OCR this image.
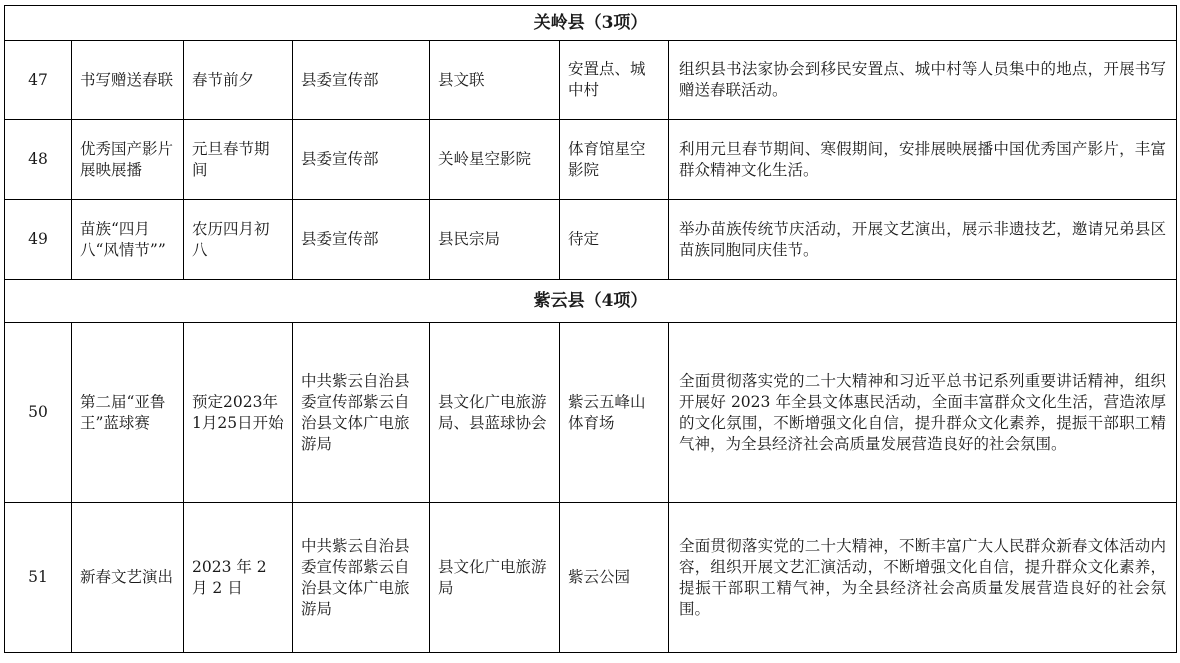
关岭县（3项）						
47	书写赠送春联	春节前夕	县委宣传部	县文联	安置点、城中村	组织县书法家协会到移民安置点、城中村等人员集中的地点，开展书写赠送春联活动。
48	优秀国产影片展映展播	元旦春节期间	县委宣传部	关岭星空影院	体育馆星空影院	利用元旦春节期间、寒假期间，安排展映展播中国优秀国产影片，丰富群众精神文化生活。
49	苗族“四月八“风情节””	农历四月初八	县委宣传部	县民宗局	待定	举办苗族传统节庆活动，开展文艺演出，展示非遗技艺，邀请兄弟县区苗族同胞同庆佳节。
紫云县（4项）						
50	第二届“亚鲁王”蓝球赛	预定2023年1月25日开始	中共紫云自治县委宣传部紫云自治县文体广电旅游局	县文化广电旅游局、县蓝球协会	紫云五峰山体育场	全面贯彻落实党的二十大精神和习近平总书记系列重要讲话精神，组织开展好 2023 年全县文体惠民活动，全面丰富群众文化生活，营造浓厚的文化氛围，不断增强文化自信，提升群众文化素养，提振干部职工精气神，为全县经济社会高质量发展营造良好的社会氛围。
51	新春文艺演出	2023 年 2 月 2 日	中共紫云自治县委宣传部紫云自治县文体广电旅游局	县文化广电旅游局	紫云公园	全面贯彻落实党的二十大精神，不断丰富广大人民群众新春文体活动内容，组织开展文艺汇演活动，不断增强文化自信，提升群众文化素养，提振干部职工精气神，为全县经济社会高质量发展营造良好的社会氛围。
